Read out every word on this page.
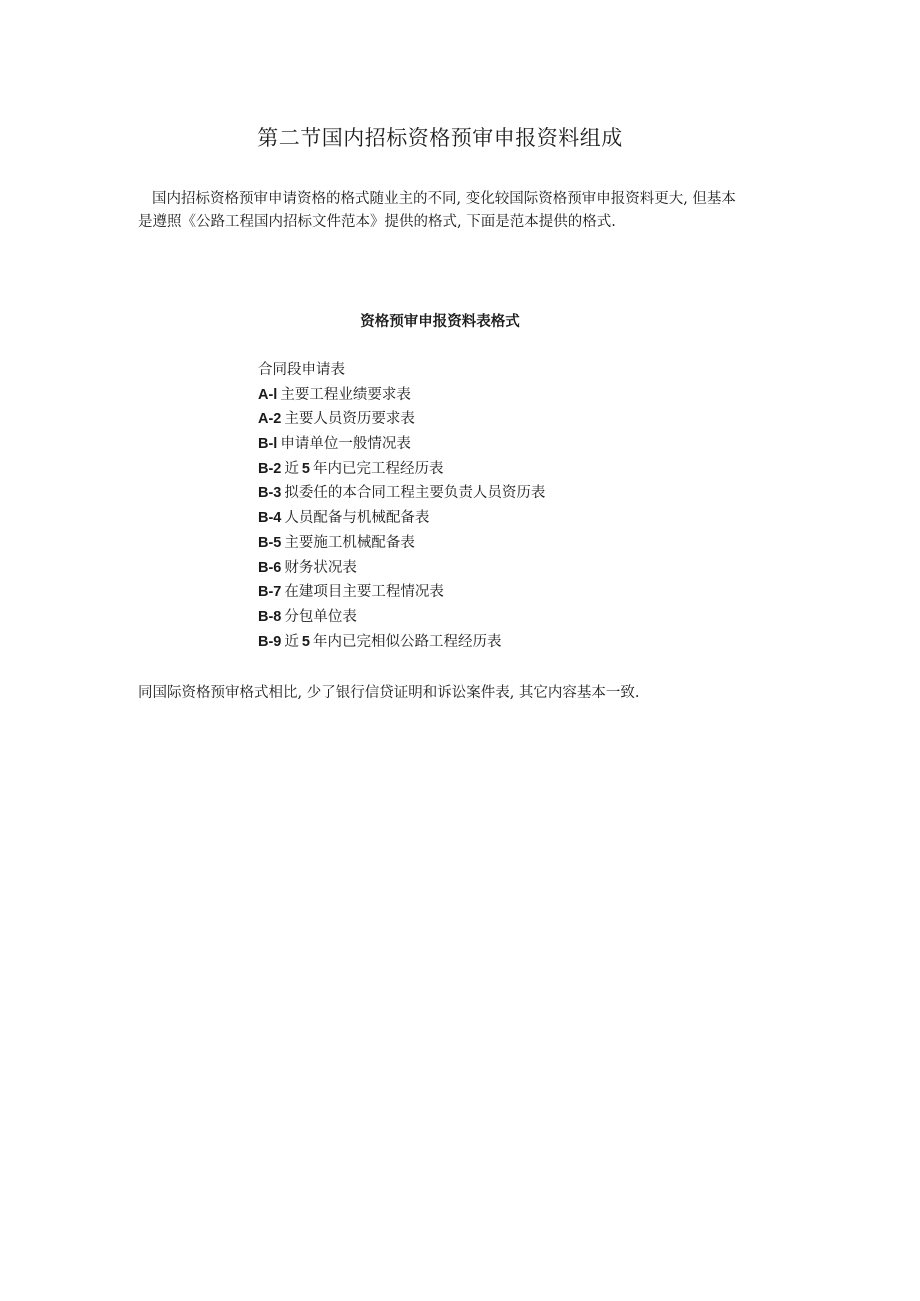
第二节国内招标资格预审申报资料组成

国内招标资格预审申请资格的格式随业主的不同, 变化较国际资格预审申报资料更大, 但基本是遵照《公路工程国内招标文件范本》提供的格式, 下面是范本提供的格式.

资格预审申报资料表格式
合同段申请表
A-l 主要工程业绩要求表
A-2 主要人员资历要求表
B-l 申请单位一般情况表
B-2 近 5 年内已完工程经历表
B-3 拟委任的本合同工程主要负责人员资历表
B-4 人员配备与机械配备表
B-5 主要施工机械配备表
B-6 财务状况表
B-7 在建项目主要工程情况表
B-8 分包单位表
B-9 近 5 年内已完相似公路工程经历表

同国际资格预审格式相比, 少了银行信贷证明和诉讼案件表, 其它内容基本一致.
